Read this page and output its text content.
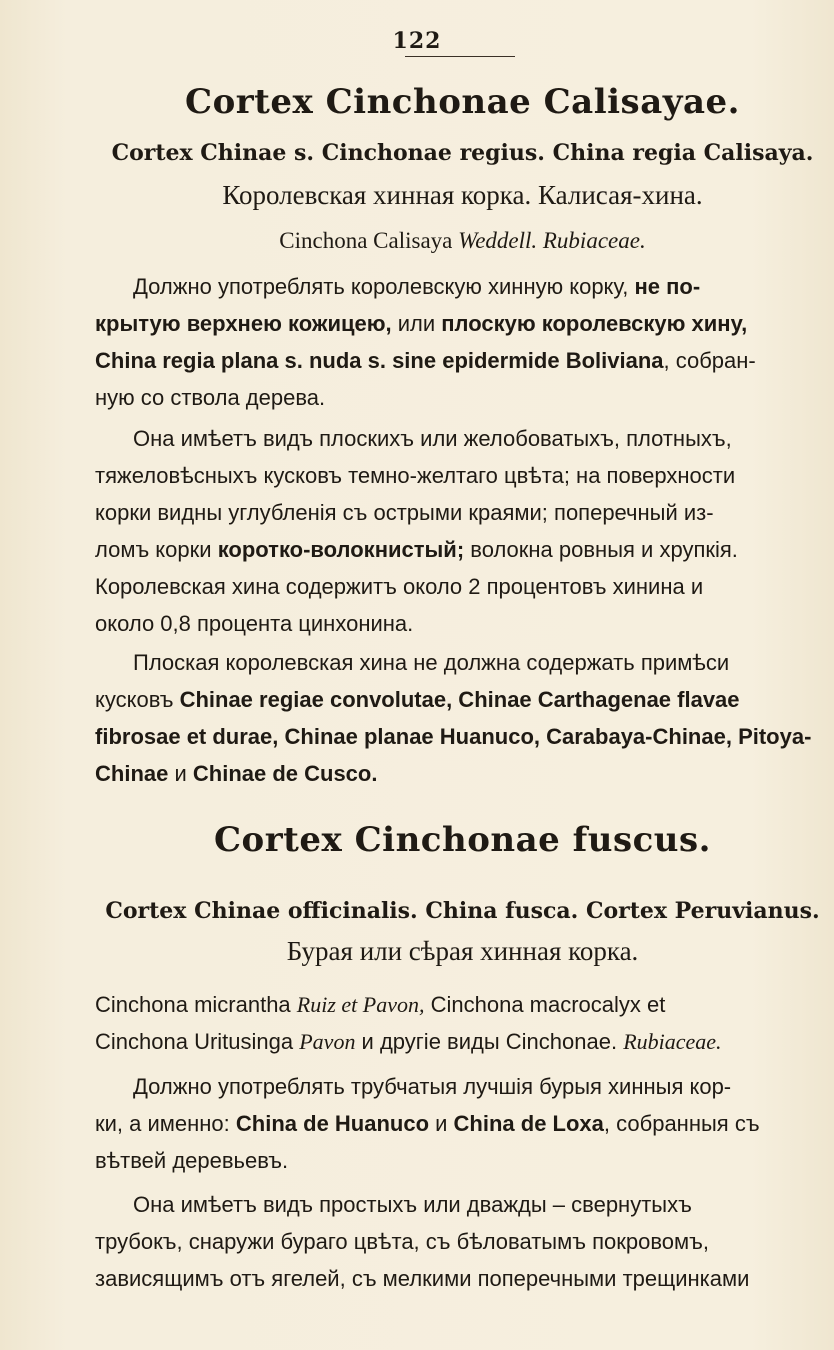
122
Cortex Cinchonae Calisayae.
Cortex Chinae s. Cinchonae regius. China regia Calisaya.
Королевская хинная корка. Калисая-хина.
Cinchona Calisaya Weddell. Rubiaceae.
Должно употреблять королевскую хинную корку, не по-
крытую верхнею кожицею, или плоскую королевскую хину,
China regia plana s. nuda s. sine epidermide Boliviana, собран-
ную со ствола дерева.
Она имѣетъ видъ плоскихъ или желобоватыхъ, плотныхъ,
тяжеловѣсныхъ кусковъ темно-желтаго цвѣта; на поверхности
корки видны углубленія съ острыми краями; поперечный из-
ломъ корки коротко-волокнистый; волокна ровныя и хрупкія.
Королевская хина содержитъ около 2 процентовъ хинина и
около 0,8 процента цинхонина.
Плоская королевская хина не должна содержать примѣси
кусковъ Chinae regiae convolutae, Chinae Carthagenae flavae
fibrosae et durae, Chinae planae Huanuco, Carabaya-Chinae, Pitoya-
Chinae и Chinae de Cusco.
Cortex Cinchonae fuscus.
Cortex Chinae officinalis. China fusca. Cortex Peruvianus.
Бурая или сѣрая хинная корка.
Cinchona micrantha Ruiz et Pavon, Cinchona macrocalyx et
Cinchona Uritusinga Pavon и другіе виды Cinchonae. Rubiaceae.
Должно употреблять трубчатыя лучшія бурыя хинныя кор-
ки, а именно: China de Huanuco и China de Loxa, собранныя съ
вѣтвей деревьевъ.
Она имѣетъ видъ простыхъ или дважды – свернутыхъ
трубокъ, снаружи бураго цвѣта, съ бѣловатымъ покровомъ,
зависящимъ отъ ягелей, съ мелкими поперечными трещинками
